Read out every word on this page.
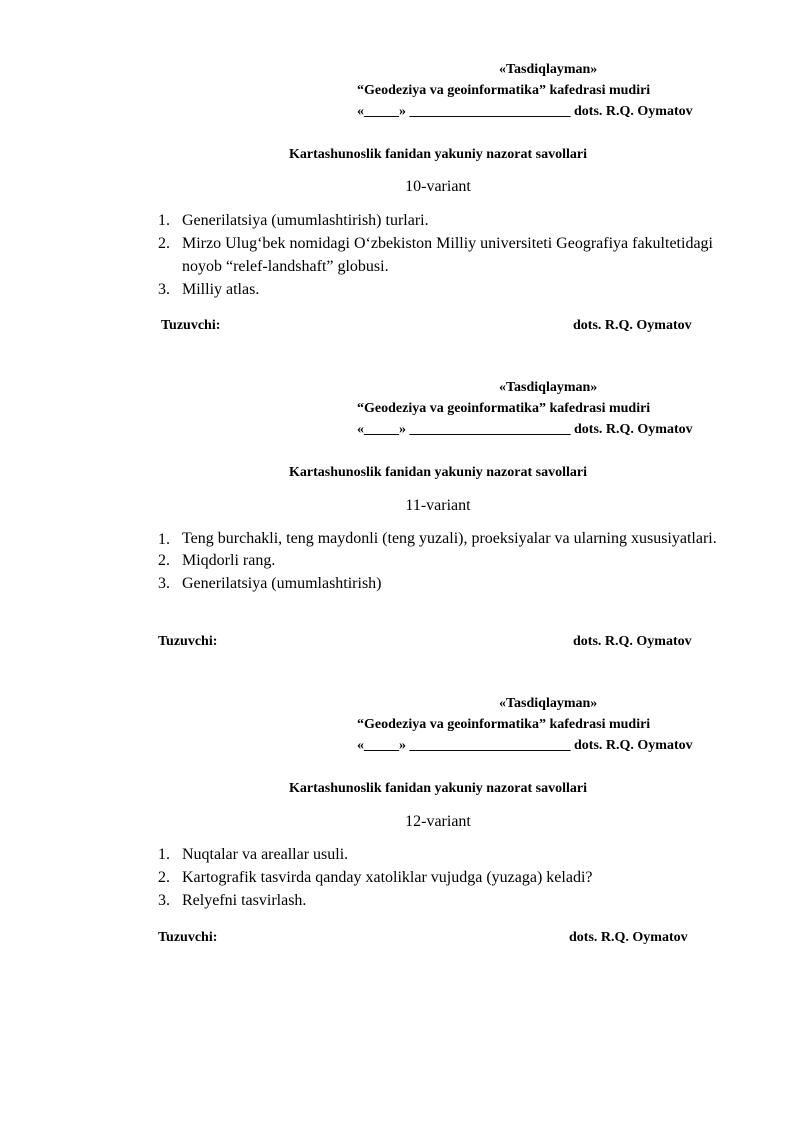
«Tasdiqlayman»
“Geodeziya va geoinformatika” kafedrasi mudiri
«_____» _______________________ dots. R.Q. Oymatov
Kartashunoslik fanidan yakuniy nazorat savollari
10-variant
1. Generilatsiya (umumlashtirish) turlari.
2. Mirzo Ulug‘bek nomidagi O‘zbekiston Milliy universiteti Geografiya fakultetidagi noyob “relef-landshaft” globusi.
3. Milliy atlas.
Tuzuvchi:	dots. R.Q. Oymatov
«Tasdiqlayman»
“Geodeziya va geoinformatika” kafedrasi mudiri
«_____» _______________________ dots. R.Q. Oymatov
Kartashunoslik fanidan yakuniy nazorat savollari
11-variant
1. Teng burchakli, teng maydonli (teng yuzali), proeksiyalar va ularning xususiyatlari.
2. Miqdorli rang.
3. Generilatsiya (umumlashtirish)
Tuzuvchi:	dots. R.Q. Oymatov
«Tasdiqlayman»
“Geodeziya va geoinformatika” kafedrasi mudiri
«_____» _______________________ dots. R.Q. Oymatov
Kartashunoslik fanidan yakuniy nazorat savollari
12-variant
1. Nuqtalar va areallar usuli.
2. Kartografik tasvirda qanday xatoliklar vujudga (yuzaga) keladi?
3. Relyefni tasvirlash.
Tuzuvchi:	dots. R.Q. Oymatov
